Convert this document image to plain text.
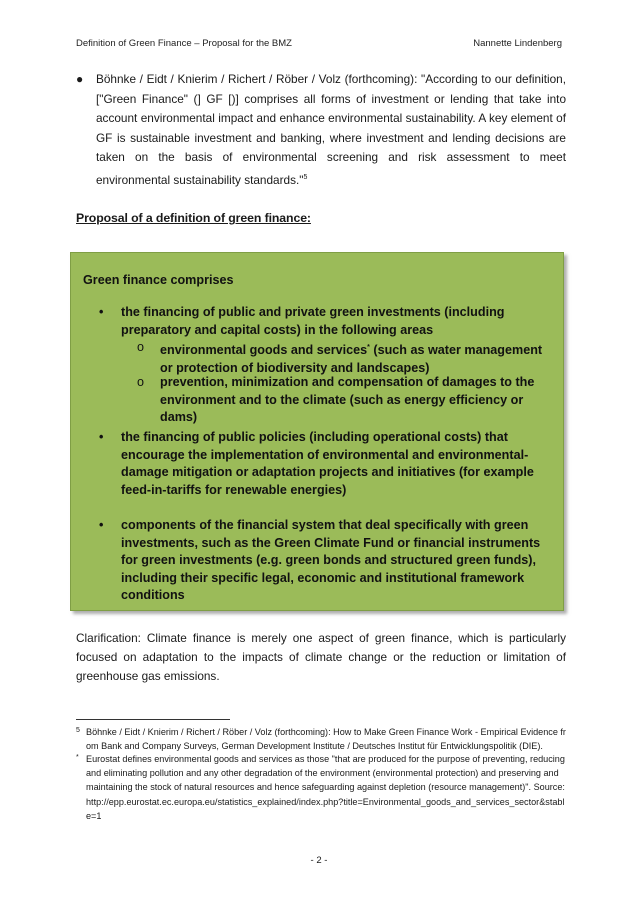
Definition of Green Finance – Proposal for the BMZ	Nannette Lindenberg
●	Böhnke / Eidt / Knierim / Richert / Röber / Volz (forthcoming): "According to our definition, ["Green Finance" (] GF [)] comprises all forms of investment or lending that take into account environmental impact and enhance environmental sustainability. A key element of GF is sustainable investment and banking, where investment and lending decisions are taken on the basis of environmental screening and risk assessment to meet environmental sustainability standards."$^5$
Proposal of a definition of green finance:
Green finance comprises
•	the financing of public and private green investments (including preparatory and capital costs) in the following areas
o	environmental goods and services* (such as water management or protection of biodiversity and landscapes)
o	prevention, minimization and compensation of damages to the environment and to the climate (such as energy efficiency or dams)
•	the financing of public policies (including operational costs) that encourage the implementation of environmental and environmental-damage mitigation or adaptation projects and initiatives (for example feed-in-tariffs for renewable energies)
•	components of the financial system that deal specifically with green investments, such as the Green Climate Fund or financial instruments for green investments (e.g. green bonds and structured green funds), including their specific legal, economic and institutional framework conditions
Clarification: Climate finance is merely one aspect of green finance, which is particularly focused on adaptation to the impacts of climate change or the reduction or limitation of greenhouse gas emissions.
5 Böhnke / Eidt / Knierim / Richert / Röber / Volz (forthcoming): How to Make Green Finance Work - Empirical Evidence from Bank and Company Surveys, German Development Institute / Deutsches Institut für Entwicklungspolitik (DIE).
* Eurostat defines environmental goods and services as those "that are produced for the purpose of preventing, reducing and eliminating pollution and any other degradation of the environment (environmental protection) and preserving and maintaining the stock of natural resources and hence safeguarding against depletion (resource management)". Source:
http://epp.eurostat.ec.europa.eu/statistics_explained/index.php?title=Environmental_goods_and_services_sector&stable=1
- 2 -
